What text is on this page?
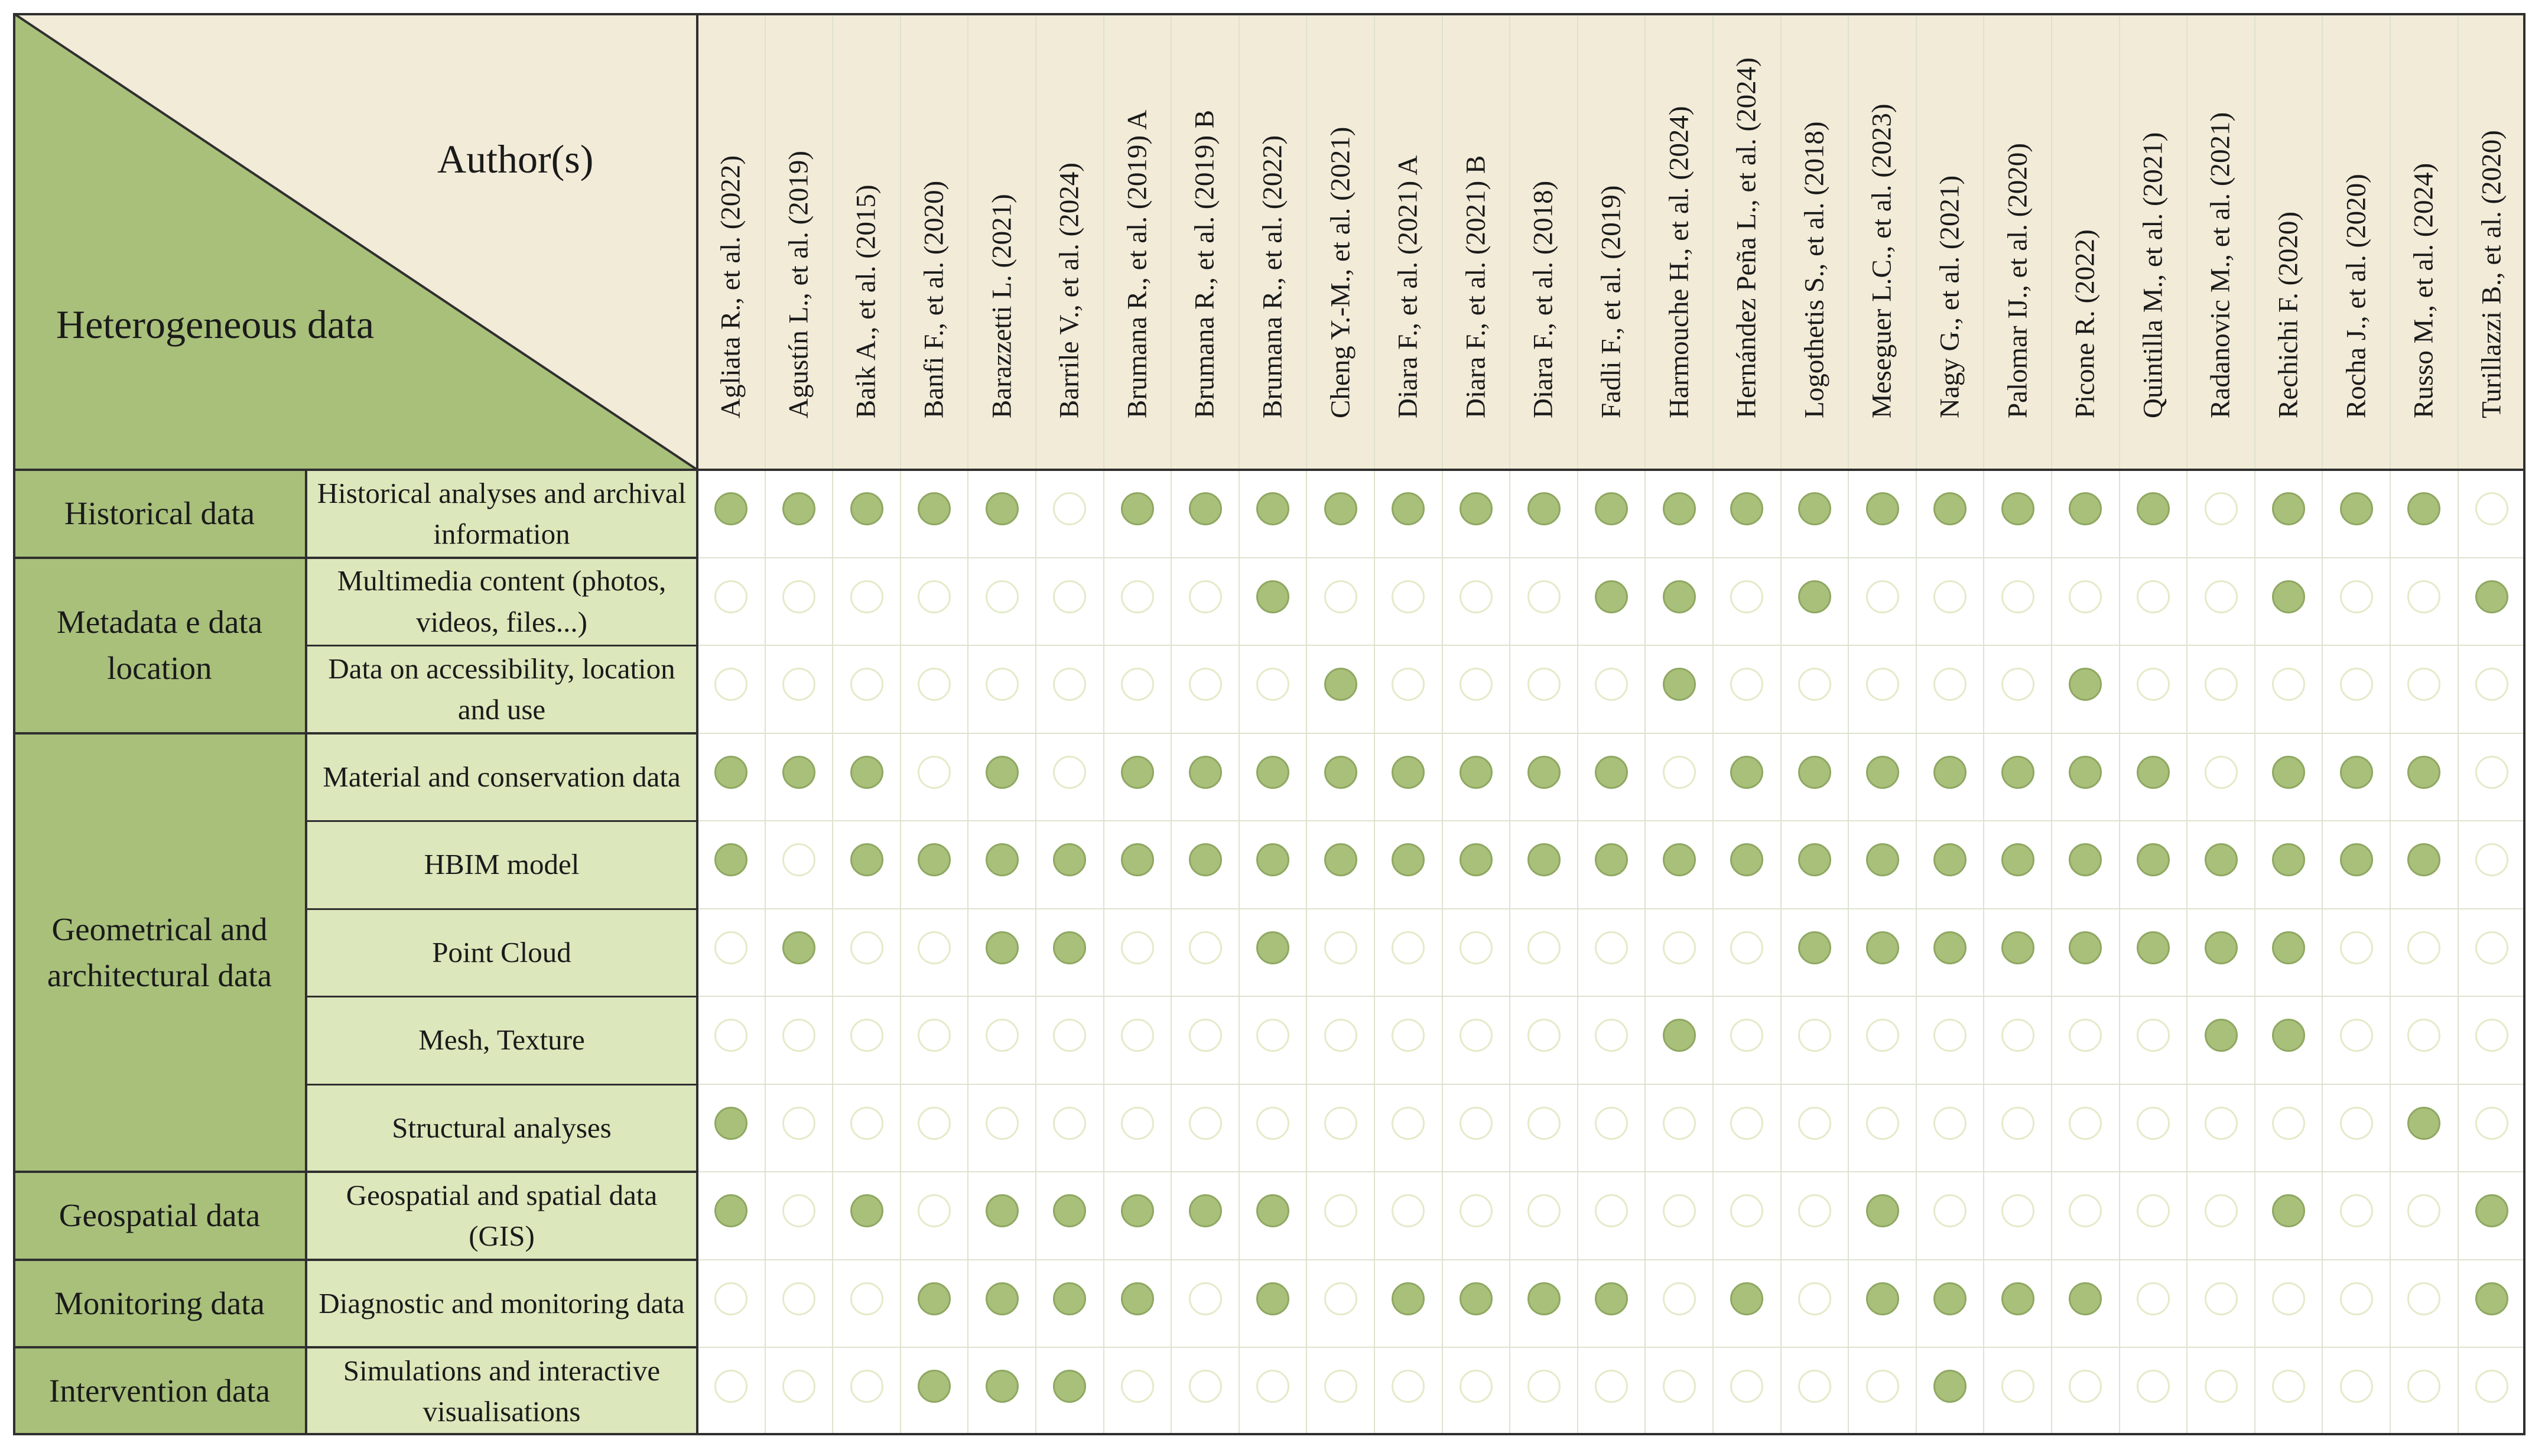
Author(s)
Heterogeneous data	Agliata R., et al. (2022) Agustín L., et al. (2019) Baik A., et al. (2015) Banfi F., et al. (2020) Barazzetti L. (2021) Barrile V., et al. (2024) Brumana R., et al. (2019) A Brumana R., et al. (2019) B Brumana R., et al. (2022) Cheng Y.-M., et al. (2021) Diara F., et al. (2021) A Diara F., et al. (2021) B Diara F., et al. (2018) Fadli F., et al. (2019) Harmouche H., et al. (2024) Hernández Peña L., et al. (2024) Logothetis S., et al. (2018) Meseguer L.C., et al. (2023) Nagy G., et al. (2021) Palomar IJ., et al. (2020) Picone R. (2022) Quintilla M., et al. (2021) Radanovic M., et al. (2021) Rechichi F. (2020) Rocha J., et al. (2020) Russo M., et al. (2024) Turillazzi B., et al. (2020)
Historical data
Metadata e data location
Geometrical and architectural data
Geospatial data
Monitoring data
Intervention data
Historical analyses and archival information
Multimedia content (photos, videos, files...)
Data on accessibility, location and use
Material and conservation data
HBIM model
Point Cloud
Mesh, Texture
Structural analyses
Geospatial and spatial data (GIS)
Diagnostic and monitoring data
Simulations and interactive visualisations
